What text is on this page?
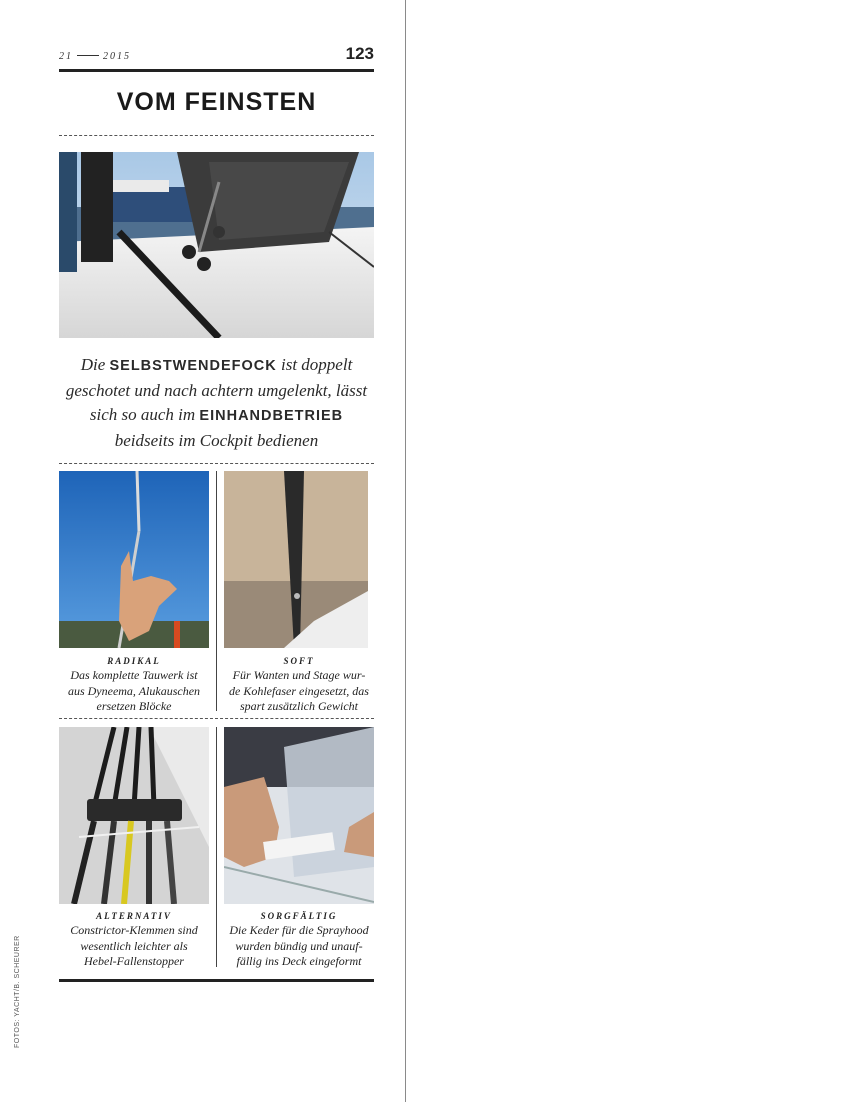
21	2015	123
VOM FEINSTEN
Die SELBSTWENDEFOCK ist doppelt geschotet und nach achtern umgelenkt, lässt sich so auch im EINHANDBETRIEB beidseits im Cockpit bedienen
RADIKAL
Das komplette Tauwerk ist
aus Dyneema, Alukauschen
ersetzen Blöcke
SOFT
Für Wanten und Stage wur-
de Kohlefaser eingesetzt, das
spart zusätzlich Gewicht
ALTERNATIV
Constrictor-Klemmen sind
wesentlich leichter als
Hebel-Fallenstopper
SORGFÄLTIG
Die Keder für die Sprayhood
wurden bündig und unauf-
fällig ins Deck eingeformt
FOTOS: YACHT/B. SCHEURER
